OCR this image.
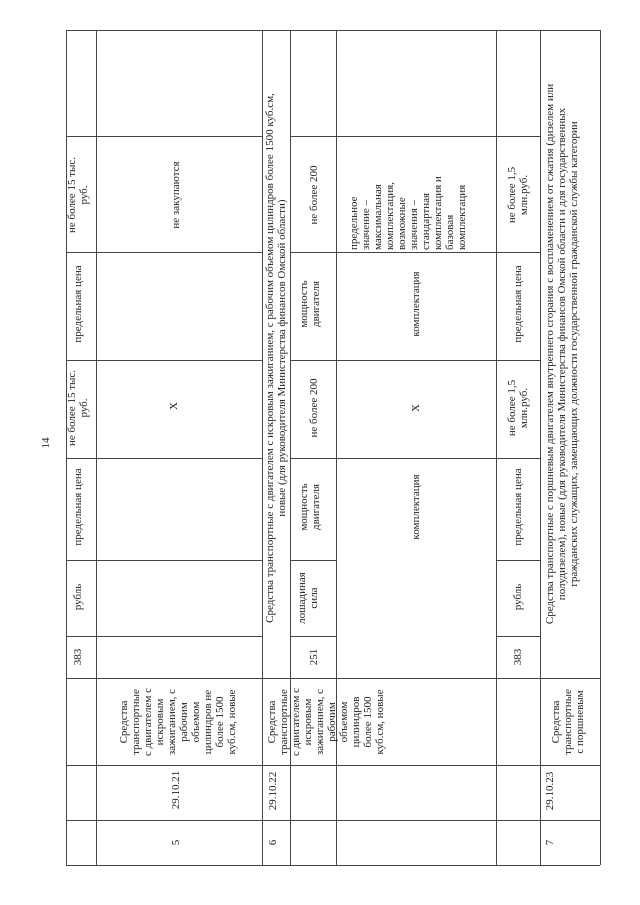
14
5
29.10.21
Средства
транспортные
с двигателем с
искровым
зажиганием, с
рабочим
объемом
цилиндров не
более 1500
куб.см, новые
383
рубль
предельная цена
не более 15 тыс.
руб.	X
предельная цена
не более 15 тыс.
руб.	не закупаются
6
29.10.22
Средства
транспортные
с двигателем с
искровым
зажиганием, с
рабочим
объемом
цилиндров
более 1500
куб.см, новые
Средства транспортные с двигателем с искровым зажиганием, с рабочим объемом цилиндров более 1500 куб.см,
новые (для руководителя Министерства финансов Омской области)
251
лошадиная
сила
мощность
двигателя
не более 200
мощность
двигателя
не более 200
комплектация
X
комплектация
предельное
значение –
максимальная
комплектация,
возможные
значения –
стандартная
комплектация и
базовая
комплектация
383
рубль
предельная цена
не более 1,5
млн.руб.
предельная цена
не более 1,5
млн.руб.
7
29.10.23
Средства
транспортные
с поршневым
Средства транспортные с поршневым двигателем внутреннего сгорания с воспламенением от сжатия (дизелем или
полудизелем), новые (для руководителя Министерства финансов Омской области и для государственных
гражданских служащих, замещающих должности государственной гражданской службы категории
